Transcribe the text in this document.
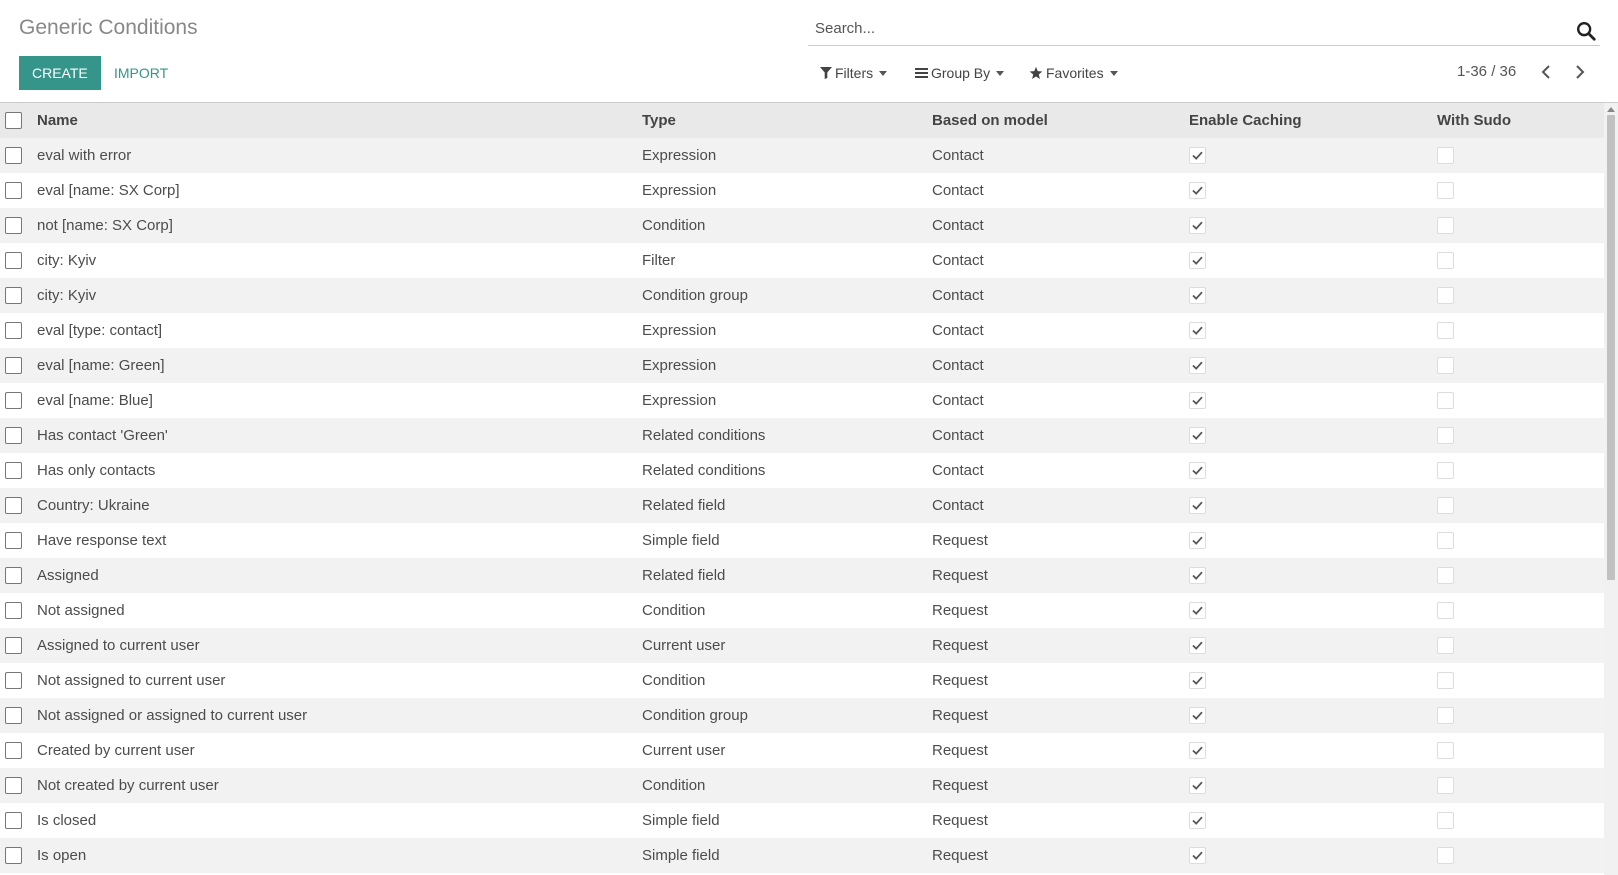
Generic Conditions
Search...
CREATE	IMPORT	Filters	Group By	Favorites	1-36 / 36
	Name	Type	Based on model	Enable Caching	With Sudo
	eval with error	Expression	Contact	

	eval [name: SX Corp]	Expression	Contact	

	not [name: SX Corp]	Condition	Contact	

	city: Kyiv	Filter	Contact	

	city: Kyiv	Condition group	Contact	

	eval [type: contact]	Expression	Contact	

	eval [name: Green]	Expression	Contact	

	eval [name: Blue]	Expression	Contact	

	Has contact 'Green'	Related conditions	Contact	

	Has only contacts	Related conditions	Contact	

	Country: Ukraine	Related field	Contact	

	Have response text	Simple field	Request	

	Assigned	Related field	Request	

	Not assigned	Condition	Request	

	Assigned to current user	Current user	Request	

	Not assigned to current user	Condition	Request	

	Not assigned or assigned to current user	Condition group	Request	

	Created by current user	Current user	Request	

	Not created by current user	Condition	Request	

	Is closed	Simple field	Request	

	Is open	Simple field	Request	
